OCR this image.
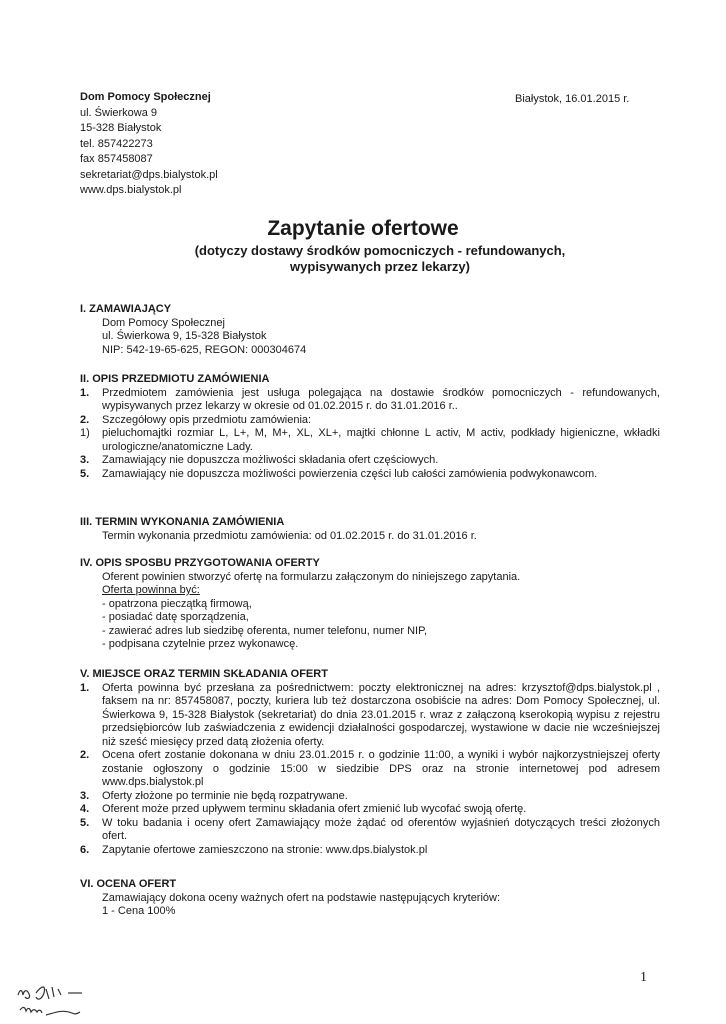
Dom Pomocy Społecznej
ul. Świerkowa 9
15-328 Białystok
tel. 857422273
fax 857458087
sekretariat@dps.bialystok.pl
www.dps.bialystok.pl
Białystok, 16.01.2015 r.
Zapytanie ofertowe
(dotyczy dostawy środków pomocniczych - refundowanych,
wypisywanych przez lekarzy)
I. ZAMAWIAJĄCY
Dom Pomocy Społecznej
ul. Świerkowa 9, 15-328 Białystok
NIP: 542-19-65-625, REGON: 000304674
II. OPIS PRZEDMIOTU ZAMÓWIENIA
1. Przedmiotem zamówienia jest usługa polegająca na dostawie środków pomocniczych - refundowanych, wypisywanych przez lekarzy w okresie od 01.02.2015 r. do 31.01.2016 r..
2. Szczegółowy opis przedmiotu zamówienia:
1) pieluchomajtki rozmiar L, L+, M, M+, XL, XL+, majtki chłonne L activ, M activ, podkłady higieniczne, wkładki urologiczne/anatomiczne Lady.
3. Zamawiający nie dopuszcza możliwości składania ofert częściowych.
5. Zamawiający nie dopuszcza możliwości powierzenia części lub całości zamówienia podwykonawcom.
III. TERMIN WYKONANIA ZAMÓWIENIA
Termin wykonania przedmiotu zamówienia: od 01.02.2015 r. do 31.01.2016 r.
IV. OPIS SPOSBU PRZYGOTOWANIA OFERTY
Oferent powinien stworzyć ofertę na formularzu załączonym do niniejszego zapytania.
Oferta powinna być:
- opatrzona pieczątką firmową,
- posiadać datę sporządzenia,
- zawierać adres lub siedzibę oferenta, numer telefonu, numer NIP,
- podpisana czytelnie przez wykonawcę.
V. MIEJSCE ORAZ TERMIN SKŁADANIA OFERT
1. Oferta powinna być przesłana za pośrednictwem: poczty elektronicznej na adres: krzysztof@dps.bialystok.pl , faksem na nr: 857458087, poczty, kuriera lub też dostarczona osobiście na adres: Dom Pomocy Społecznej, ul. Świerkowa 9, 15-328 Białystok (sekretariat) do dnia 23.01.2015 r. wraz z załączoną kserokopią wypisu z rejestru przedsiębiorców lub zaświadczenia z ewidencji działalności gospodarczej, wystawione w dacie nie wcześniejszej niż sześć miesięcy przed datą złożenia oferty.
2. Ocena ofert zostanie dokonana w dniu 23.01.2015 r. o godzinie 11:00, a wyniki i wybór najkorzystniejszej oferty zostanie ogłoszony o godzinie 15:00 w siedzibie DPS oraz na stronie internetowej pod adresem www.dps.bialystok.pl
3. Oferty złożone po terminie nie będą rozpatrywane.
4. Oferent może przed upływem terminu składania ofert zmienić lub wycofać swoją ofertę.
5. W toku badania i oceny ofert Zamawiający może żądać od oferentów wyjaśnień dotyczących treści złożonych ofert.
6. Zapytanie ofertowe zamieszczono na stronie: www.dps.bialystok.pl
VI. OCENA OFERT
Zamawiający dokona oceny ważnych ofert na podstawie następujących kryteriów:
1 - Cena 100%
1
